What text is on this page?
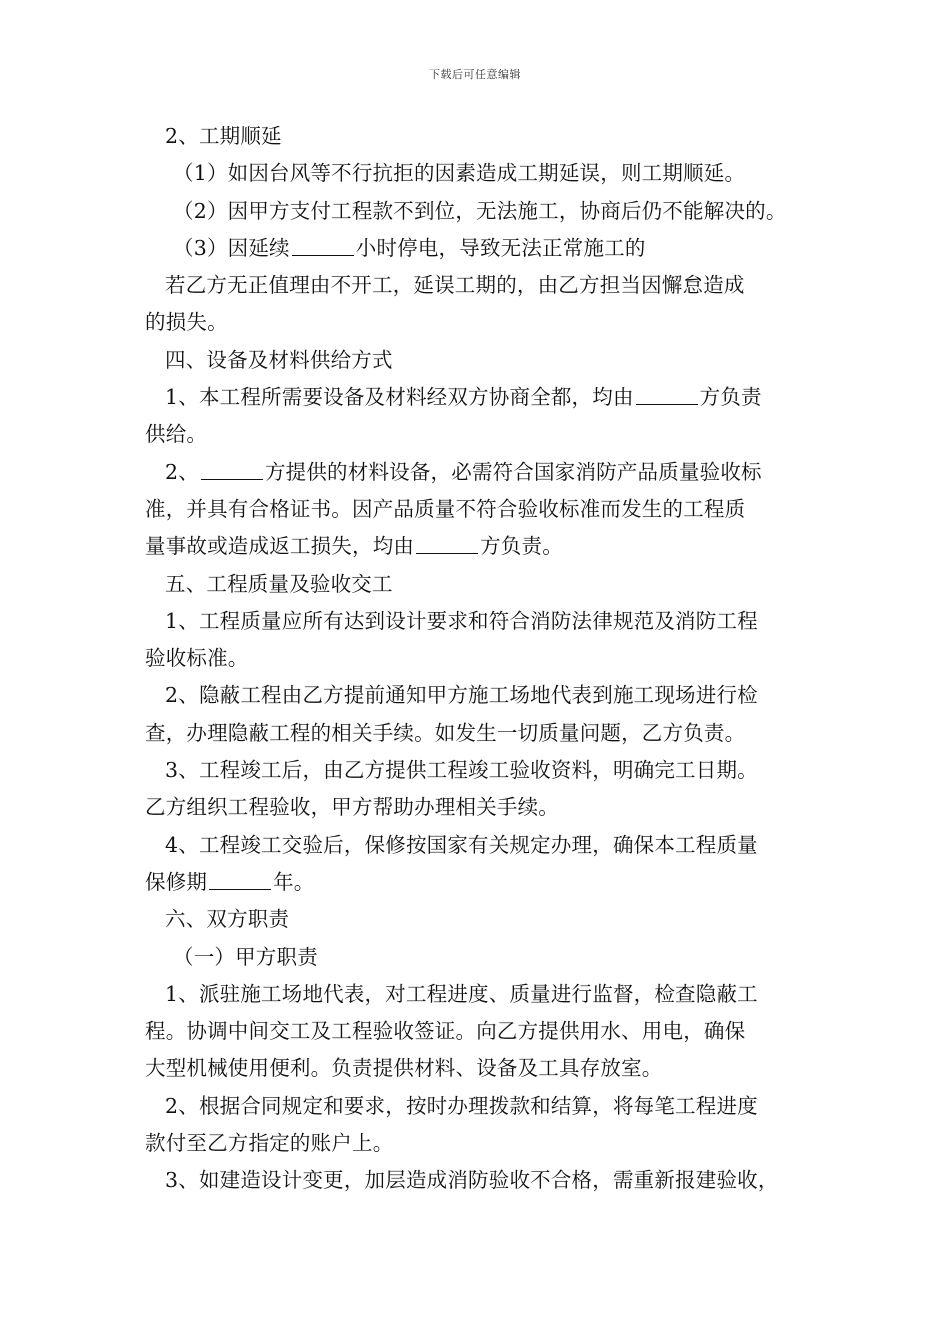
下载后可任意编辑

2、工期顺延

（1）如因台风等不行抗拒的因素造成工期延误，则工期顺延。

（2）因甲方支付工程款不到位，无法施工，协商后仍不能解决的。

（3）因延续	小时停电，导致无法正常施工的

若乙方无正值理由不开工，延误工期的，由乙方担当因懈怠造成

的损失。

四、设备及材料供给方式

1、本工程所需要设备及材料经双方协商全都，均由	方负责

供给。

2、	方提供的材料设备，必需符合国家消防产品质量验收标

准，并具有合格证书。因产品质量不符合验收标准而发生的工程质

量事故或造成返工损失，均由	方负责。

五、工程质量及验收交工

1、工程质量应所有达到设计要求和符合消防法律规范及消防工程

验收标准。

2、隐蔽工程由乙方提前通知甲方施工场地代表到施工现场进行检

查，办理隐蔽工程的相关手续。如发生一切质量问题，乙方负责。

3、工程竣工后，由乙方提供工程竣工验收资料，明确完工日期。

乙方组织工程验收，甲方帮助办理相关手续。

4、工程竣工交验后，保修按国家有关规定办理，确保本工程质量

保修期	年。

六、双方职责

（一）甲方职责

1、派驻施工场地代表，对工程进度、质量进行监督，检查隐蔽工

程。协调中间交工及工程验收签证。向乙方提供用水、用电，确保

大型机械使用便利。负责提供材料、设备及工具存放室。

2、根据合同规定和要求，按时办理拨款和结算，将每笔工程进度

款付至乙方指定的账户上。

3、如建造设计变更，加层造成消防验收不合格，需重新报建验收，
